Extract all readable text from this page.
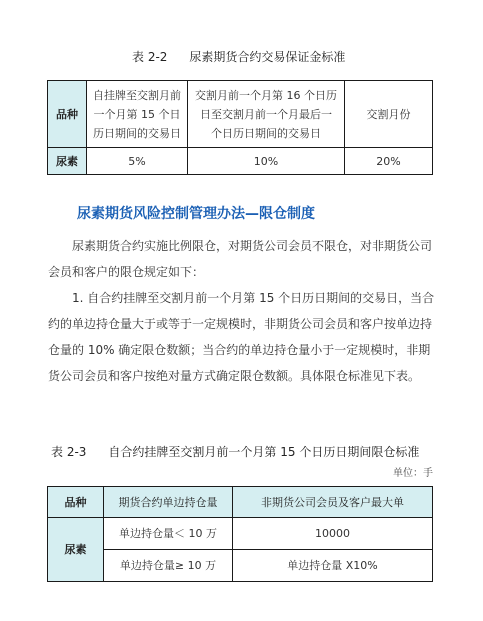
表 2-2 尿素期货合约交易保证金标准
品种	自挂牌至交割月前
一个月第 15 个日
历日期间的交易日	交割月前一个月第 16 个日历
日至交割月前一个月最后一
个日历日期间的交易日	交割月份
尿素	5%	10%	20%
尿素期货风险控制管理办法—限仓制度
尿素期货合约实施比例限仓，对期货公司会员不限仓，对非期货公司会员和客户的限仓规定如下：
1. 自合约挂牌至交割月前一个月第 15 个日历日期间的交易日，当合约的单边持仓量大于或等于一定规模时，非期货公司会员和客户按单边持仓量的 10% 确定限仓数额；当合约的单边持仓量小于一定规模时，非期货公司会员和客户按绝对量方式确定限仓数额。具体限仓标准见下表。
表 2-3 自合约挂牌至交割月前一个月第 15 个日历日期间限仓标准
单位：手
品种	期货合约单边持仓量	非期货公司会员及客户最大单
尿素	单边持仓量＜ 10 万	10000
	单边持仓量≥ 10 万	单边持仓量 X10%
